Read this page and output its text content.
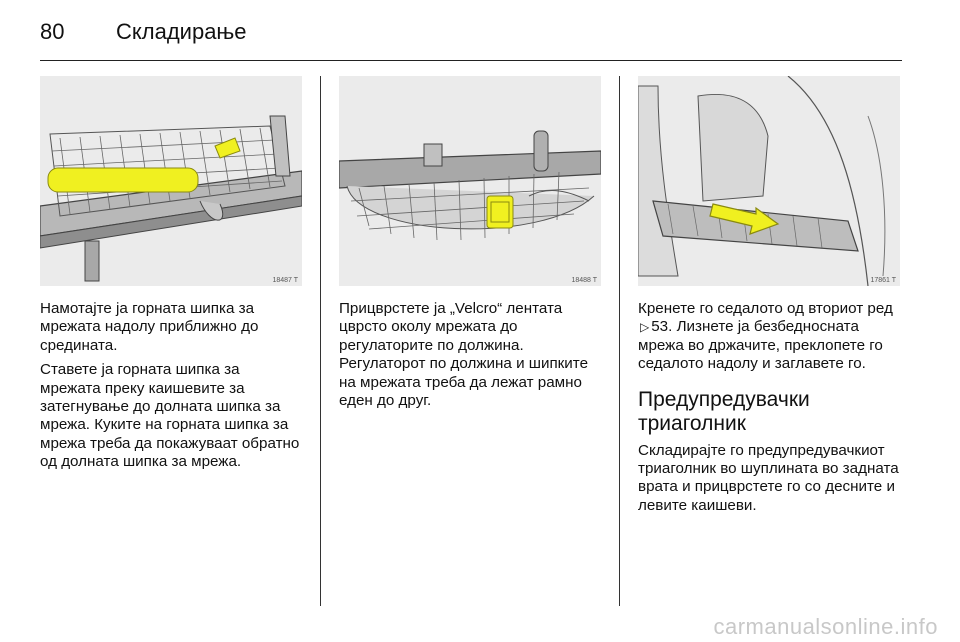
80	Складирање
18487 T

Намотајте ја горната шипка за мрежата надолу приближно до средината.

Ставете ја горната шипка за мрежата преку каишевите за затегнување до долната шипка за мрежа. Куките на горната шипка за мрежа треба да покажуваат обратно од долната шипка за мрежа.

18488 T

Прицврстете ја „Velcro“ лентата цврсто околу мрежата до регулаторите по должина. Регулаторот по должина и шипките на мрежата треба да лежат рамно еден до друг.

17861 T

Кренете го седалото од вториот ред ▷ 53. Лизнете ја безбедносната мрежа во држачите, преклопете го седалото надолу и заглавете го.

Предупредувачки триаголник

Складирајте го предупредувачкиот триаголник во шуплината во задната врата и прицврстете го со десните и левите каишеви.

carmanualsonline.info
